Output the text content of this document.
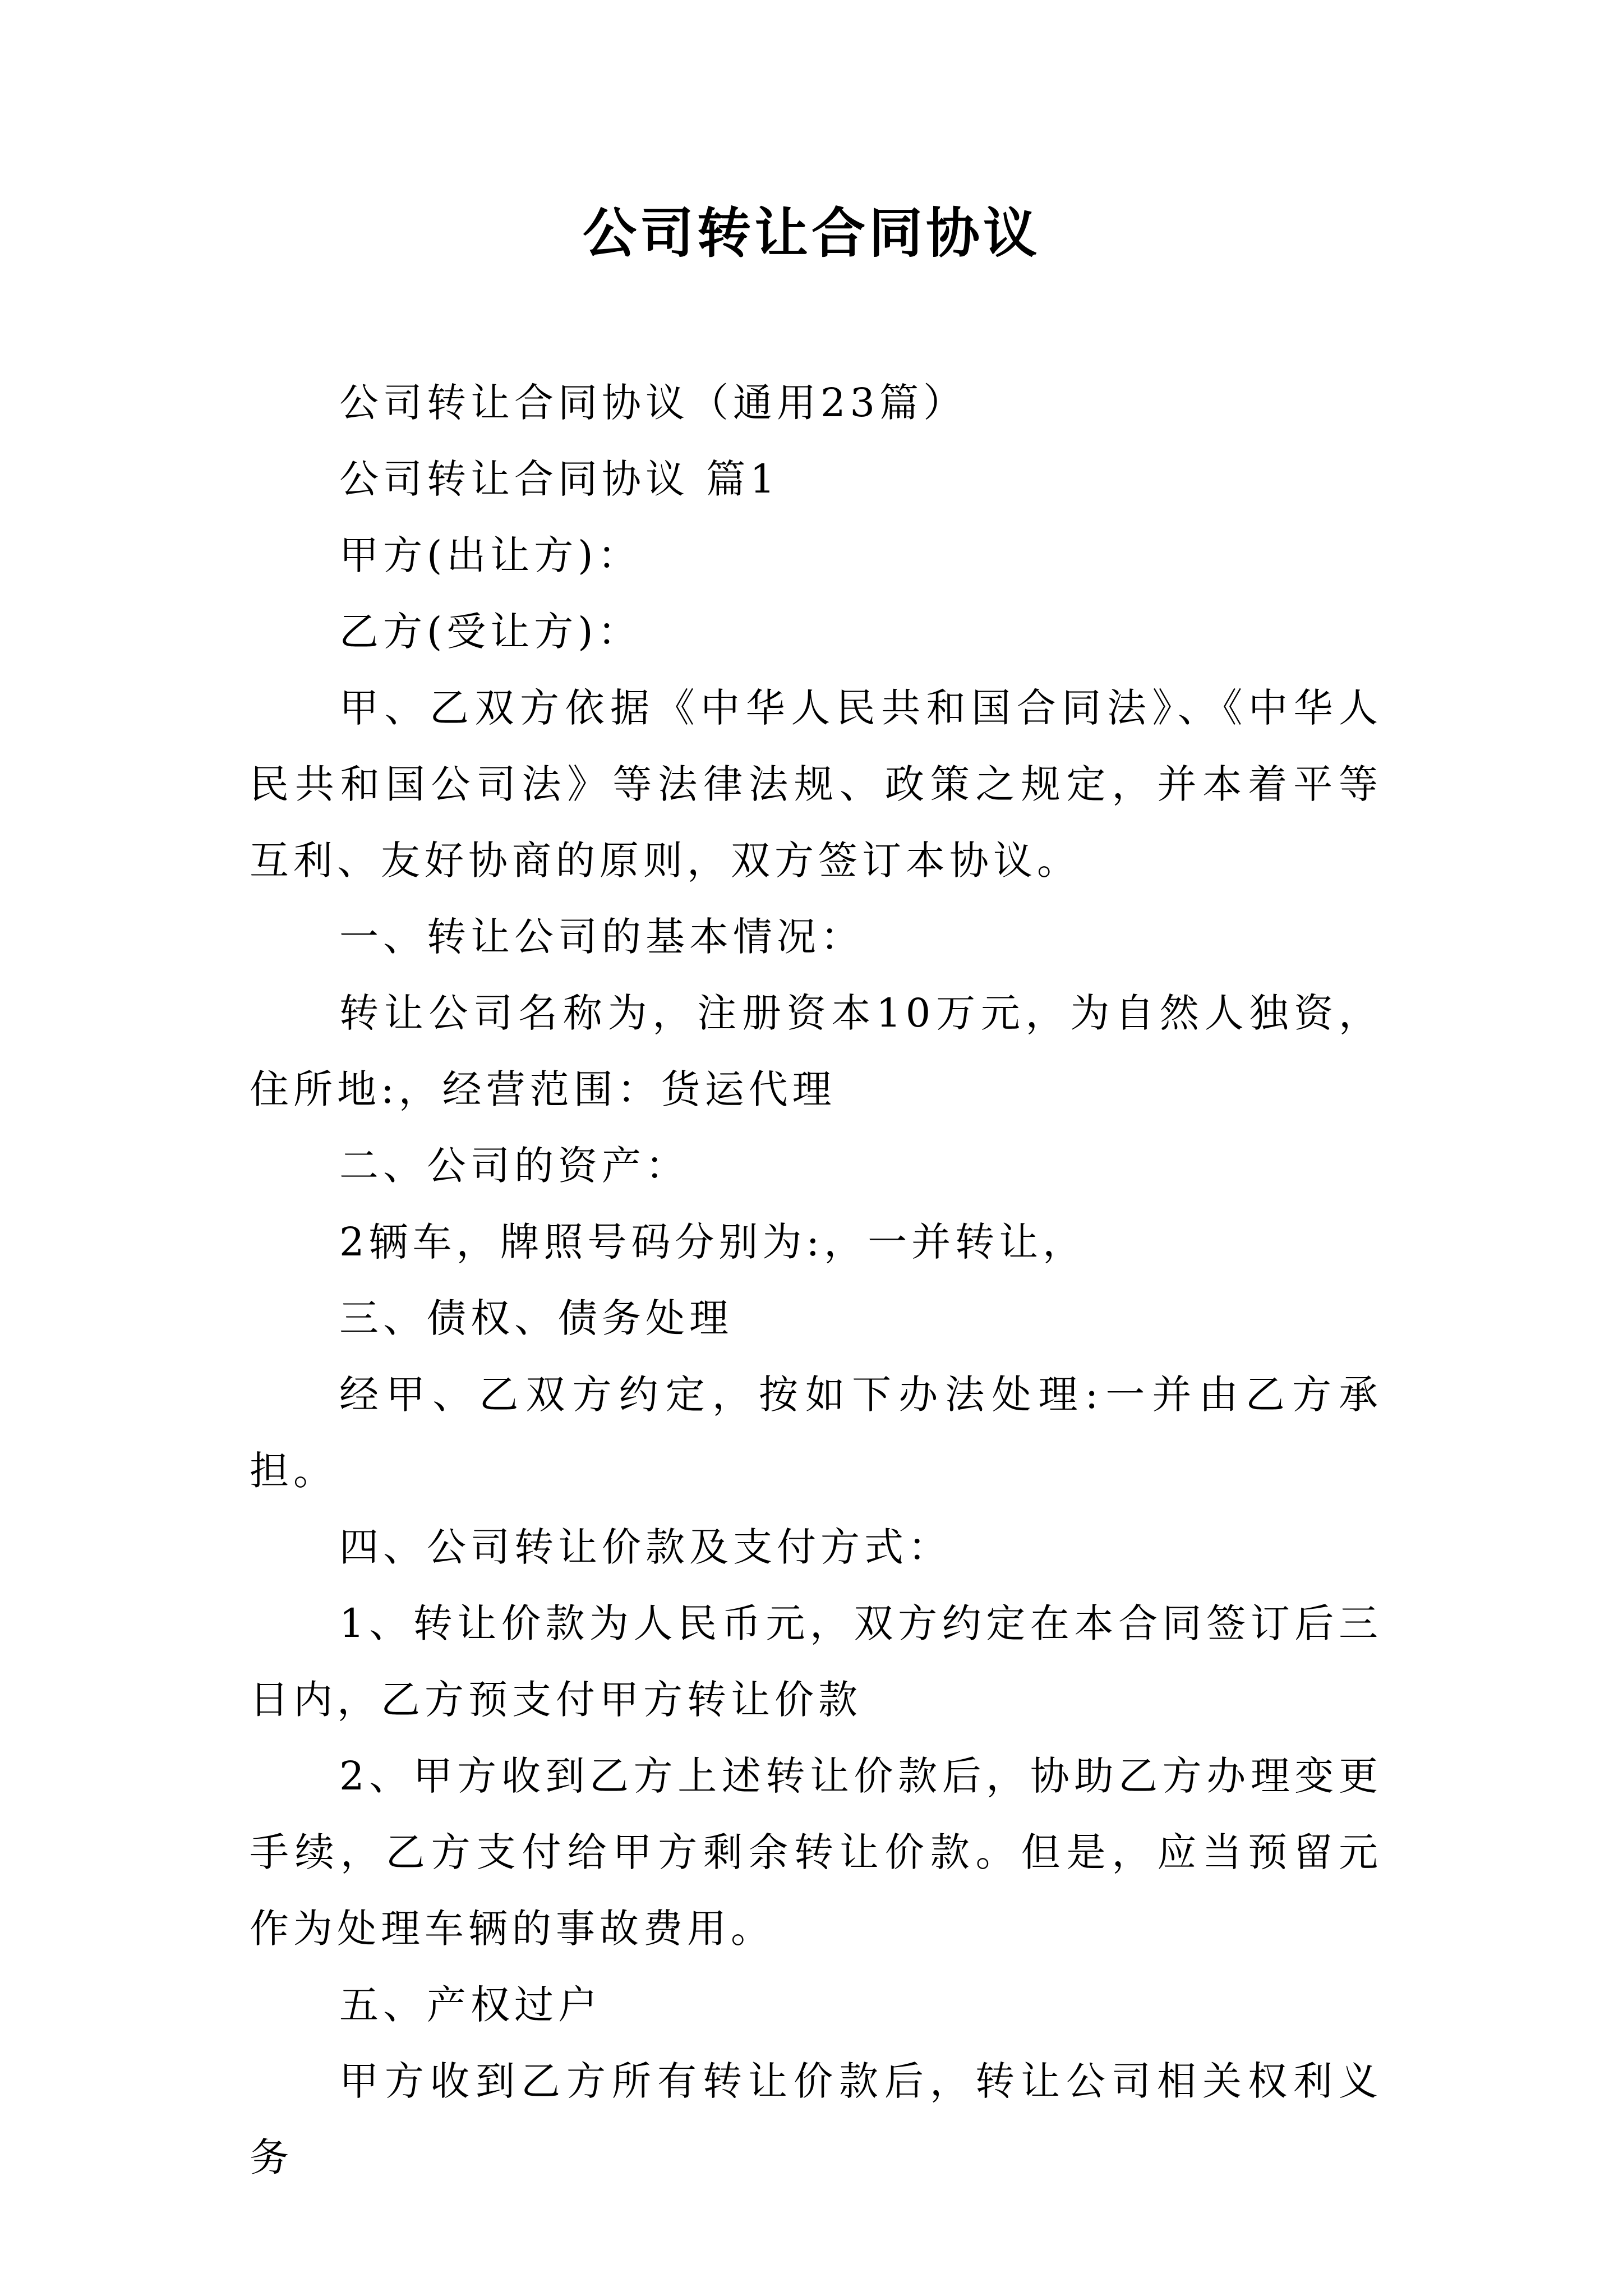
公司转让合同协议

公司转让合同协议（通用23篇）

公司转让合同协议 篇1

甲方(出让方)：

乙方(受让方)：

甲、乙双方依据《中华人民共和国合同法》、《中华人民共和国公司法》等法律法规、政策之规定，并本着平等互利、友好协商的原则，双方签订本协议。

一、转让公司的基本情况：

转让公司名称为，注册资本10万元，为自然人独资，住所地:，经营范围：货运代理

二、公司的资产：

2辆车，牌照号码分别为:，一并转让，

三、债权、债务处理

经甲、乙双方约定，按如下办法处理:一并由乙方承担。

四、公司转让价款及支付方式：

1、转让价款为人民币元，双方约定在本合同签订后三日内，乙方预支付甲方转让价款

2、甲方收到乙方上述转让价款后，协助乙方办理变更手续，乙方支付给甲方剩余转让价款。但是，应当预留元作为处理车辆的事故费用。

五、产权过户

甲方收到乙方所有转让价款后，转让公司相关权利义务
